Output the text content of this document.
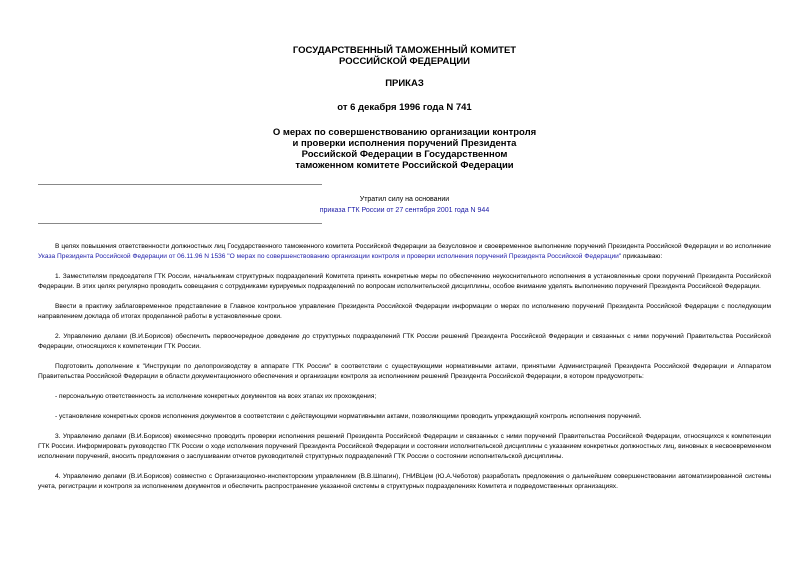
ГОСУДАРСТВЕННЫЙ ТАМОЖЕННЫЙ КОМИТЕТ
РОССИЙСКОЙ ФЕДЕРАЦИИ
ПРИКАЗ
от 6 декабря 1996 года N 741
О мерах по совершенствованию организации контроля
и проверки исполнения поручений Президента
Российской Федерации в Государственном
таможенном комитете Российской Федерации
Утратил силу на основании
приказа ГТК России от 27 сентября 2001 года N 944

В целях повышения ответственности должностных лиц Государственного таможенного комитета Российской Федерации за безусловное и своевременное выполнение поручений Президента Российской Федерации и во исполнение Указа Президента Российской Федерации от 06.11.96 N 1536 "О мерах по совершенствованию организации контроля и проверки исполнения поручений Президента Российской Федерации" приказываю:

1. Заместителям председателя ГТК России, начальникам структурных подразделений Комитета принять конкретные меры по обеспечению неукоснительного исполнения в установленные сроки поручений Президента Российской Федерации. В этих целях регулярно проводить совещания с сотрудниками курируемых подразделений по вопросам исполнительской дисциплины, особое внимание уделять выполнению поручений Президента Российской Федерации.

Ввести в практику заблаговременное представление в Главное контрольное управление Президента Российской Федерации информации о мерах по исполнению поручений Президента Российской Федерации с последующим направлением доклада об итогах проделанной работы в установленные сроки.

2. Управлению делами (В.И.Борисов) обеспечить первоочередное доведение до структурных подразделений ГТК России решений Президента Российской Федерации и связанных с ними поручений Правительства Российской Федерации, относящихся к компетенции ГТК России.

Подготовить дополнение к "Инструкции по делопроизводству в аппарате ГТК России" в соответствии с существующими нормативными актами, принятыми Администрацией Президента Российской Федерации и Аппаратом Правительства Российской Федерации в области документационного обеспечения и организации контроля за исполнением решений Президента Российской Федерации, в котором предусмотреть:

- персональную ответственность за исполнение конкретных документов на всех этапах их прохождения;

- установление конкретных сроков исполнения документов в соответствии с действующими нормативными актами, позволяющими проводить упреждающий контроль исполнения поручений.

3. Управлению делами (В.И.Борисов) ежемесячно проводить проверки исполнения решений Президента Российской Федерации и связанных с ними поручений Правительства Российской Федерации, относящихся к компетенции ГТК России. Информировать руководство ГТК России о ходе исполнения поручений Президента Российской Федерации и состоянии исполнительской дисциплины с указанием конкретных должностных лиц, виновных в несвоевременном исполнении поручений, вносить предложения о заслушивании отчетов руководителей структурных подразделений ГТК России о состоянии исполнительской дисциплины.

4. Управлению делами (В.И.Борисов) совместно с Организационно-инспекторским управлением (В.В.Шпагин), ГНИВЦем (Ю.А.Чеботов) разработать предложения о дальнейшем совершенствовании автоматизированной системы учета, регистрации и контроля за исполнением документов и обеспечить распространение указанной системы в структурных подразделениях Комитета и подведомственных организациях.
